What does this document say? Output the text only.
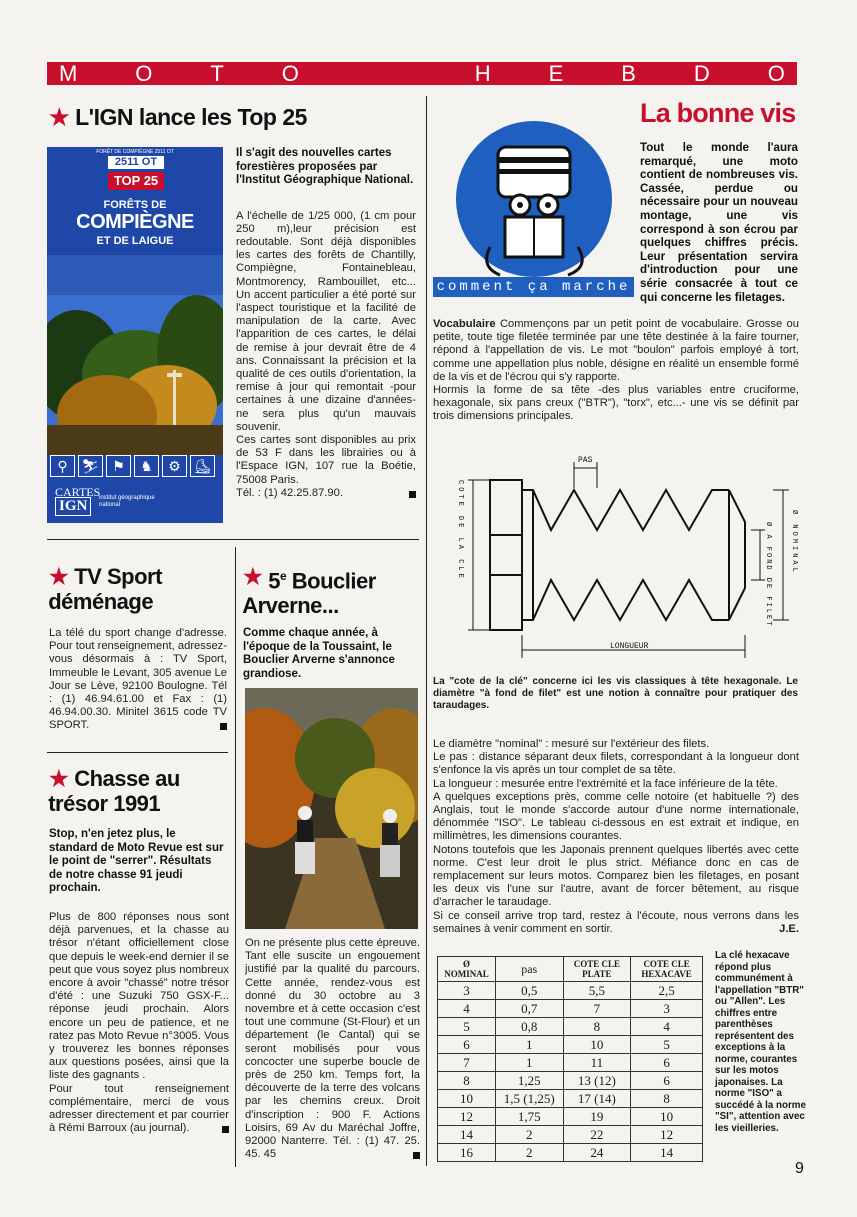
M	O	T	O	H	E	B	D	O
★ L'IGN lance les Top 25
FORÊT DE COMPIÈGNE 2511 OT
2511 OT
TOP 25
FORÊTS DE
COMPIÈGNE
ET DE LAIGUE
⚲ ⛷ ⚑	♞	⚙ ⛸
CARTES
IGN	institut géographique national

Il s'agit des nouvelles cartes forestières proposées par l'Institut Géographique National.

A l'échelle de 1/25 000, (1 cm pour 250 m),leur précision est redoutable. Sont déjà disponibles les cartes des forêts de Chantilly, Compiègne, Fontainebleau, Montmorency, Rambouillet, etc... Un accent particulier a été porté sur l'aspect touristique et la facilité de manipulation de la carte. Avec l'apparition de ces cartes, le délai de remise à jour devrait être de 4 ans. Connaissant la précision et la qualité de ces outils d'orientation, la remise à jour qui remontait -pour certaines à une dizaine d'années- ne sera plus qu'un mauvais souvenir.

Ces cartes sont disponibles au prix de 53 F dans les librairies ou à l'Espace IGN, 107 rue la Boétie, 75008 Paris.

Tél. : (1) 42.25.87.90.

★ TV Sport
déménage

La télé du sport change d'adresse. Pour tout renseignement, adressez-vous désormais à : TV Sport, Immeuble le Levant, 305 avenue Le Jour se Lève, 92100 Boulogne. Tél : (1) 46.94.61.00 et Fax : (1) 46.94.00.30. Minitel 3615 code TV SPORT.

★ Chasse au
trésor 1991

Stop, n'en jetez plus, le standard de Moto Revue est sur le point de "serrer". Résultats de notre chasse 91 jeudi prochain.

Plus de 800 réponses nous sont déjà parvenues, et la chasse au trésor n'étant officiellement close que depuis le week-end dernier il se peut que vous soyez plus nombreux encore à avoir "chassé" notre trésor d'été : une Suzuki 750 GSX-F... réponse jeudi prochain. Alors encore un peu de patience, et ne ratez pas Moto Revue n°3005. Vous y trouverez les bonnes réponses aux questions posées, ainsi que la liste des gagnants .

Pour tout renseignement complémentaire, merci de vous adresser directement et par courrier à Rémi Barroux (au journal).

★ 5e Bouclier
Arverne...

Comme chaque année, à l'époque de la Toussaint, le Bouclier Arverne s'annonce grandiose.

On ne présente plus cette épreuve. Tant elle suscite un engouement justifié par la qualité du parcours. Cette année, rendez-vous est donné du 30 octobre au 3 novembre et à cette occasion c'est tout une commune (St-Flour) et un département (le Cantal) qui se seront mobilisés pour vous concocter une superbe boucle de près de 250 km. Temps fort, la découverte de la terre des volcans par les chemins creux. Droit d'inscription : 900 F. Actions Loisirs, 69 Av du Maréchal Joffre, 92000 Nanterre. Tél. : (1) 47. 25. 45. 45

La bonne vis
comment ça marche

Tout le monde l'aura remarqué, une moto contient de nombreuses vis. Cassée, perdue ou nécessaire pour un nouveau montage, une vis correspond à son écrou par quelques chiffres précis. Leur présentation servira d'introduction pour une série consacrée à tout ce qui concerne les filetages.

Vocabulaire Commençons par un petit point de vocabulaire. Grosse ou petite, toute tige filetée terminée par une tête destinée à la faire tourner, répond à l'appellation de vis. Le mot "boulon" parfois employé à tort, comme une appellation plus noble, désigne en réalité un ensemble formé de la vis et de l'écrou qui s'y rapporte.

Hormis la forme de sa tête -des plus variables entre cruciforme, hexagonale, six pans creux ("BTR"), "torx", etc...- une vis se définit par trois dimensions principales.

PAS
LONGUEUR
COTE DE LA CLE	Ø A FOND DE FILET	Ø NOMINAL

La "cote de la clé" concerne ici les vis classiques à tête hexagonale. Le diamètre "à fond de filet" est une notion à connaître pour pratiquer des taraudages.

Le diamètre "nominal" : mesuré sur l'extérieur des filets.

Le pas : distance séparant deux filets, correspondant à la longueur dont s'enfonce la vis après un tour complet de sa tête.

La longueur : mesurée entre l'extrémité et la face inférieure de la tête.

A quelques exceptions près, comme celle notoire (et habituelle ?) des Anglais, tout le monde s'accorde autour d'une norme internationale, dénommée "ISO". Le tableau ci-dessous en est extrait et indique, en millimètres, les dimensions courantes.

Notons toutefois que les Japonais prennent quelques libertés avec cette norme. C'est leur droit le plus strict. Méfiance donc en cas de remplacement sur leurs motos. Comparez bien les filetages, en posant les deux vis l'une sur l'autre, avant de forcer bêtement, au risque d'arracher le taraudage.

Si ce conseil arrive trop tard, restez à l'écoute, nous verrons dans les semaines à venir comment en sortir.	J.E.

Ø NOMINAL	pas	COTE CLE PLATE	COTE CLE HEXACAVE
3	0,5	5,5	2,5
4	0,7	7	3
5	0,8	8	4
6	1	10	5
7	1	11	6
8	1,25	13 (12)	6
10	1,5 (1,25)	17 (14)	8
12	1,75	19	10
14	2	22	12
16	2	24	14

La clé hexacave répond plus communément à l'appellation "BTR" ou "Allen". Les chiffres entre parenthèses représentent des exceptions à la norme, courantes sur les motos japonaises. La norme "ISO" a succédé à la norme "SI", attention avec les vieilleries.

9
